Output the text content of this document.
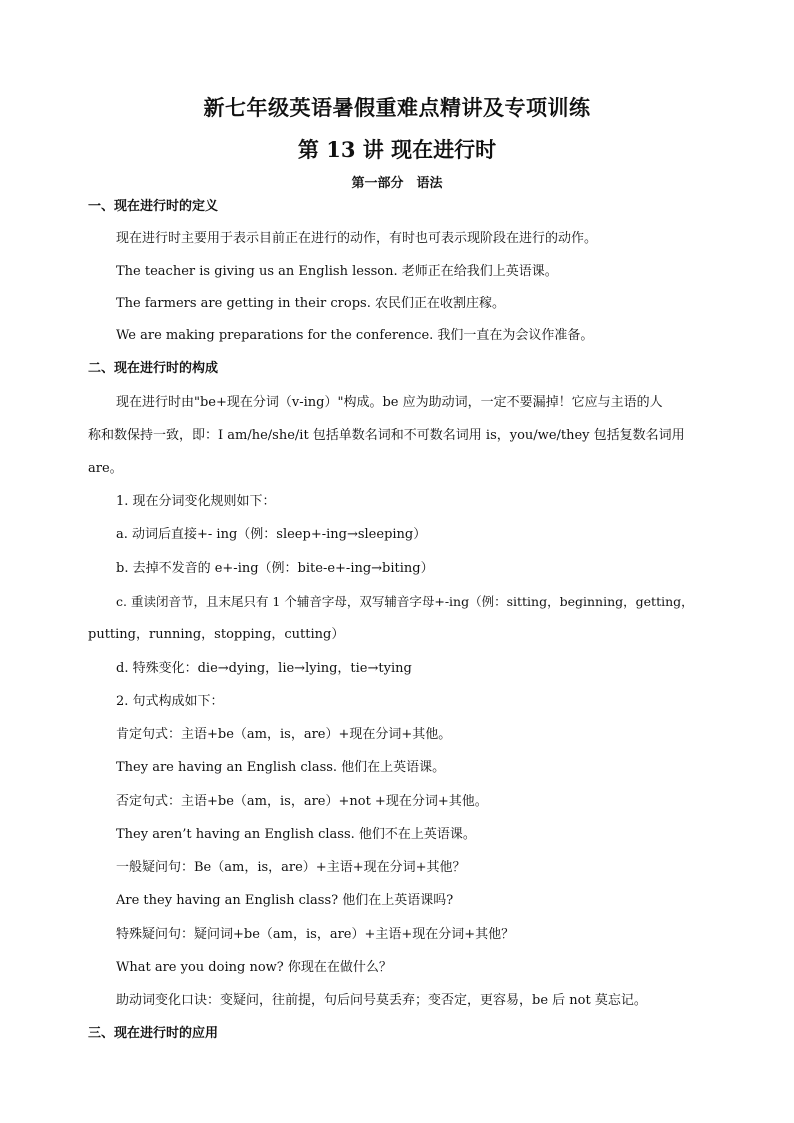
新七年级英语暑假重难点精讲及专项训练
第 13 讲 现在进行时
第一部分　语法
一、现在进行时的定义
现在进行时主要用于表示目前正在进行的动作，有时也可表示现阶段在进行的动作。
The teacher is giving us an English lesson. 老师正在给我们上英语课。
The farmers are getting in their crops. 农民们正在收割庄稼。
We are making preparations for the conference. 我们一直在为会议作准备。
二、现在进行时的构成
现在进行时由"be+现在分词（v-ing）"构成。be 应为助动词，一定不要漏掉！它应与主语的人
称和数保持一致，即：I am/he/she/it 包括单数名词和不可数名词用 is，you/we/they 包括复数名词用
are。
1. 现在分词变化规则如下：
a. 动词后直接+- ing（例：sleep+-ing→sleeping）
b. 去掉不发音的 e+-ing（例：bite-e+-ing→biting）
c. 重读闭音节，且末尾只有 1 个辅音字母，双写辅音字母+-ing（例：sitting，beginning，getting，
putting，running，stopping，cutting）
d. 特殊变化：die→dying，lie→lying，tie→tying
2. 句式构成如下：
肯定句式：主语+be（am，is，are）+现在分词+其他。
They are having an English class. 他们在上英语课。
否定句式：主语+be（am，is，are）+not +现在分词+其他。
They aren’t having an English class. 他们不在上英语课。
一般疑问句：Be（am，is，are）+主语+现在分词+其他？
Are they having an English class? 他们在上英语课吗?
特殊疑问句：疑问词+be（am，is，are）+主语+现在分词+其他？
What are you doing now? 你现在在做什么？
助动词变化口诀：变疑问，往前提，句后问号莫丢弃；变否定，更容易，be 后 not 莫忘记。
三、现在进行时的应用
